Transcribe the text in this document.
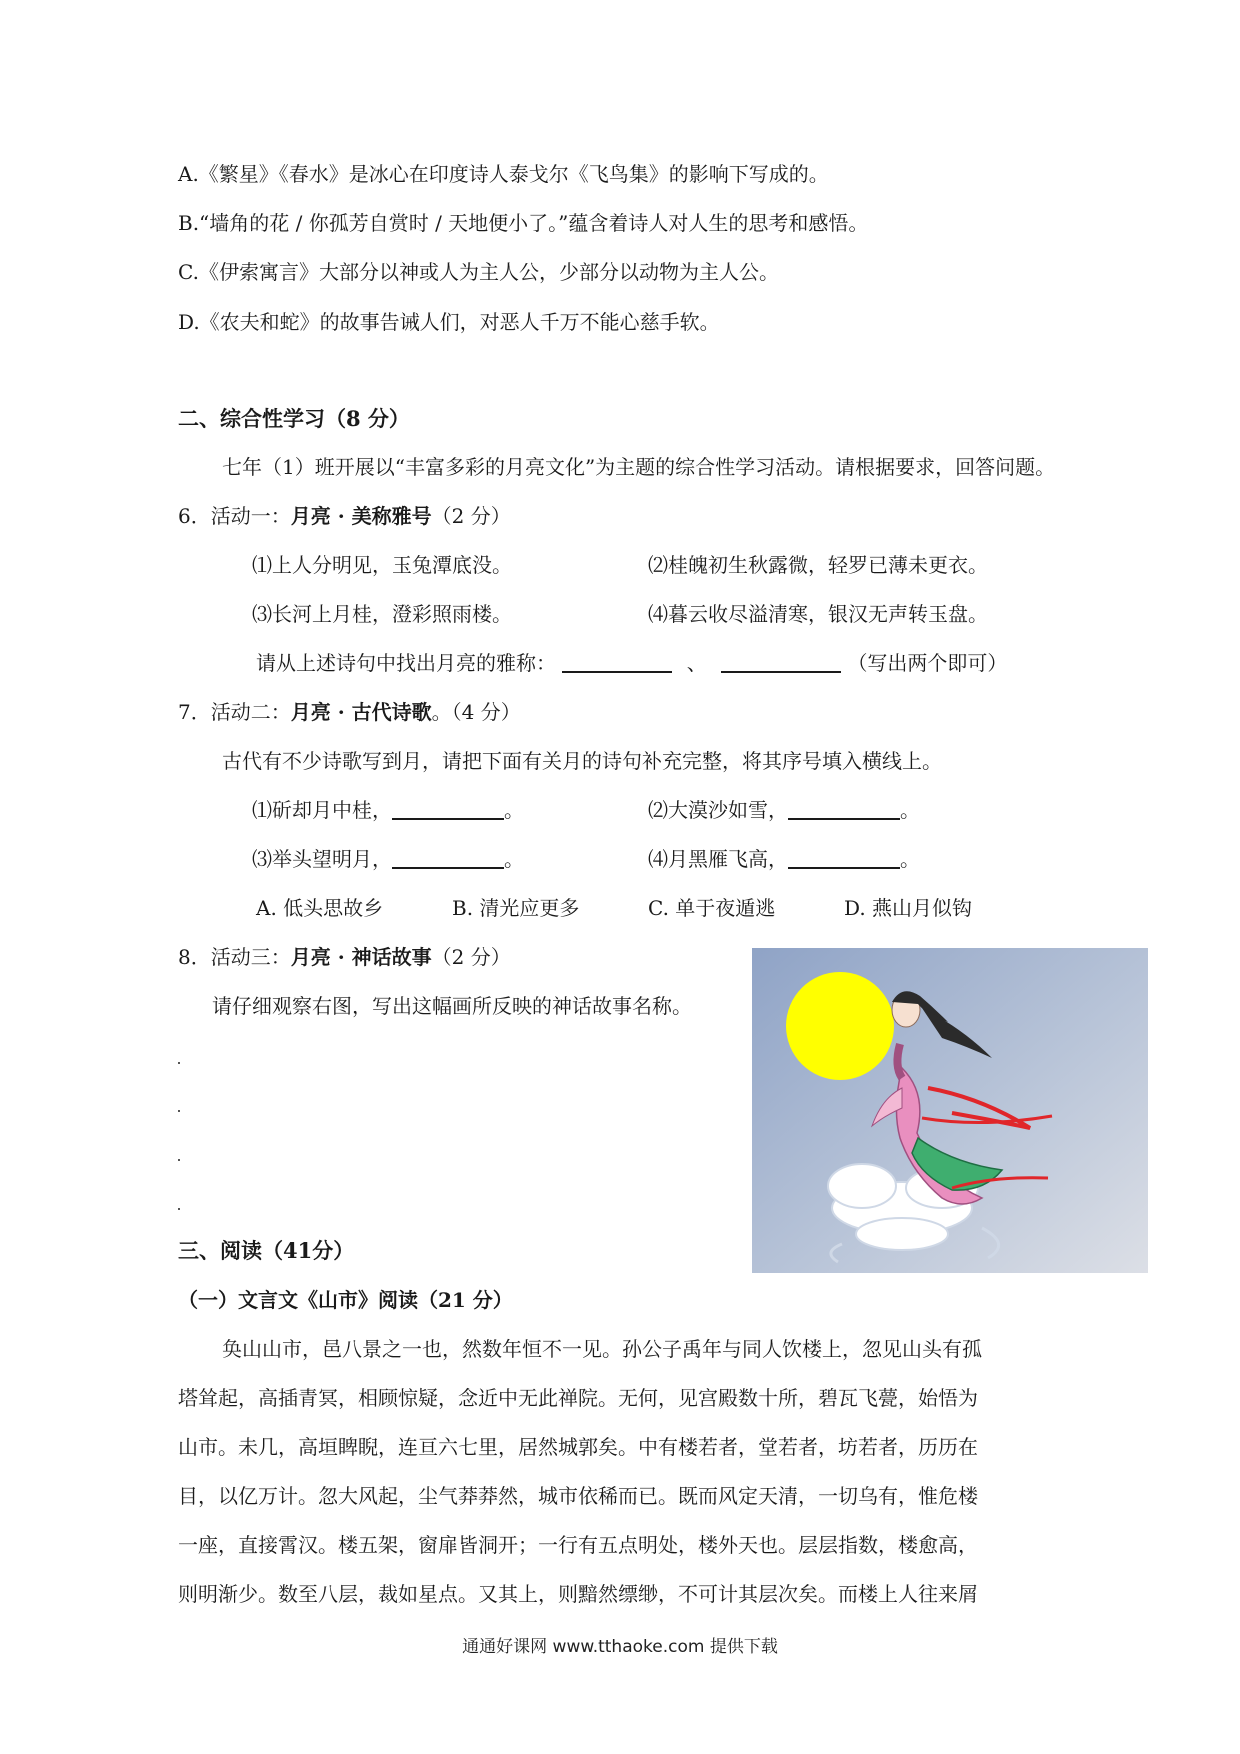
A.《繁星》《春水》是冰心在印度诗人泰戈尔《飞鸟集》的影响下写成的。
B.“墙角的花 / 你孤芳自赏时 / 天地便小了。”蕴含着诗人对人生的思考和感悟。
C.《伊索寓言》大部分以神或人为主人公，少部分以动物为主人公。
D.《农夫和蛇》的故事告诫人们，对恶人千万不能心慈手软。
二、综合性学习（8 分）
七年（1）班开展以“丰富多彩的月亮文化”为主题的综合性学习活动。请根据要求，回答问题。
6．活动一：月亮 · 美称雅号（2 分）
⑴上人分明见，玉兔潭底没。	⑵桂魄初生秋露微，轻罗已薄未更衣。
⑶长河上月桂，澄彩照雨楼。	⑷暮云收尽溢清寒，银汉无声转玉盘。
请从上述诗句中找出月亮的雅称：	、	（写出两个即可）
7．活动二：月亮 · 古代诗歌。（4 分）
古代有不少诗歌写到月，请把下面有关月的诗句补充完整，将其序号填入横线上。
⑴斫却月中桂，	。	⑵大漠沙如雪，	。
⑶举头望明月，	。	⑷月黑雁飞高，	。
A. 低头思故乡	B. 清光应更多	C. 单于夜遁逃	D. 燕山月似钩
8．活动三：月亮 · 神话故事（2 分）
请仔细观察右图，写出这幅画所反映的神话故事名称。
三、阅读（41分）
（一）文言文《山市》阅读（21 分）
奂山山市，邑八景之一也，然数年恒不一见。孙公子禹年与同人饮楼上，忽见山头有孤
塔耸起，高插青冥，相顾惊疑，念近中无此禅院。无何，见宫殿数十所，碧瓦飞甍，始悟为
山市。未几，高垣睥睨，连亘六七里，居然城郭矣。中有楼若者，堂若者，坊若者，历历在
目，以亿万计。忽大风起，尘气莽莽然，城市依稀而已。既而风定天清，一切乌有，惟危楼
一座，直接霄汉。楼五架，窗扉皆洞开；一行有五点明处，楼外天也。层层指数，楼愈高，
则明渐少。数至八层，裁如星点。又其上，则黯然缥缈，不可计其层次矣。而楼上人往来屑
通通好课网 www.tthaoke.com 提供下载
